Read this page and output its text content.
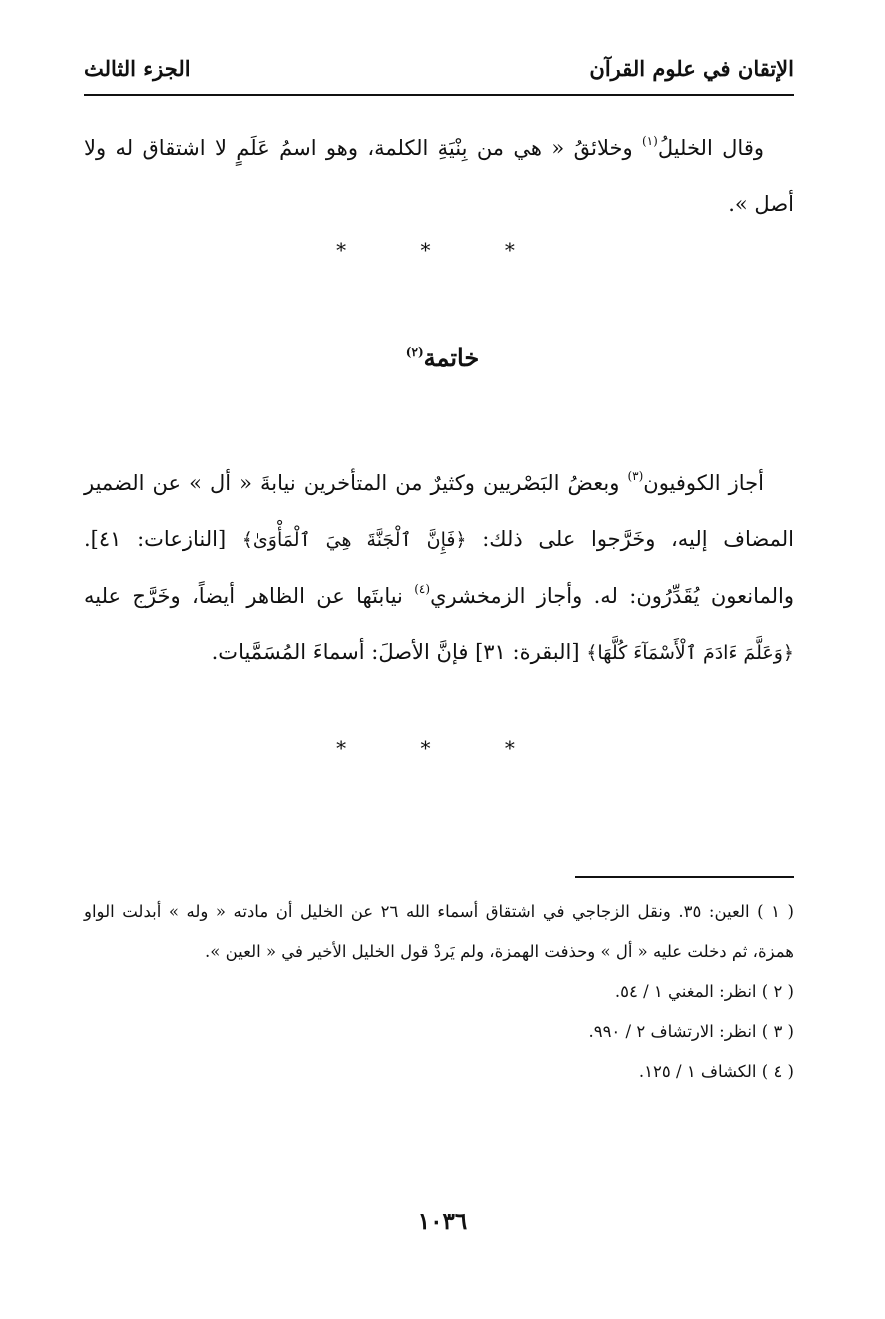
الإتقان في علوم القرآن
الجزء الثالث

وقال الخليلُ$^{(١)}$ وخلائقُ « هي من بِنْيَةِ الكلمة، وهو اسمُ عَلَمٍ لا اشتقاق له ولا أصل ».

* * *
خاتمة$^{(٢)}$

أجاز الكوفيون$^{(٣)}$ وبعضُ البَصْريين وكثيرٌ من المتأخرين نيابةَ « أل » عن الضمير المضاف إليه، وخَرَّجوا على ذلك: ﴿فَإِنَّ ٱلْجَنَّةَ هِيَ ٱلْمَأْوَىٰ﴾ [النازعات: ٤١]. والمانعون يُقَدِّرُون: له. وأجاز الزمخشري$^{(٤)}$ نيابتَها عن الظاهر أيضاً، وخَرَّج عليه ﴿وَعَلَّمَ ءَادَمَ ٱلْأَسْمَآءَ كُلَّهَا﴾ [البقرة: ٣١] فإنَّ الأصلَ: أسماءَ المُسَمَّيات.

* * *

( ١ ) العين: ٣٥. ونقل الزجاجي في اشتقاق أسماء الله ٢٦ عن الخليل أن مادته « وله » أبدلت الواو همزة، ثم دخلت عليه « أل » وحذفت الهمزة، ولم يَردْ قول الخليل الأخير في « العين ».

( ٢ ) انظر: المغني ١ / ٥٤.

( ٣ ) انظر: الارتشاف ٢ / ٩٩٠.

( ٤ ) الكشاف ١ / ١٢٥.

١٠٣٦
